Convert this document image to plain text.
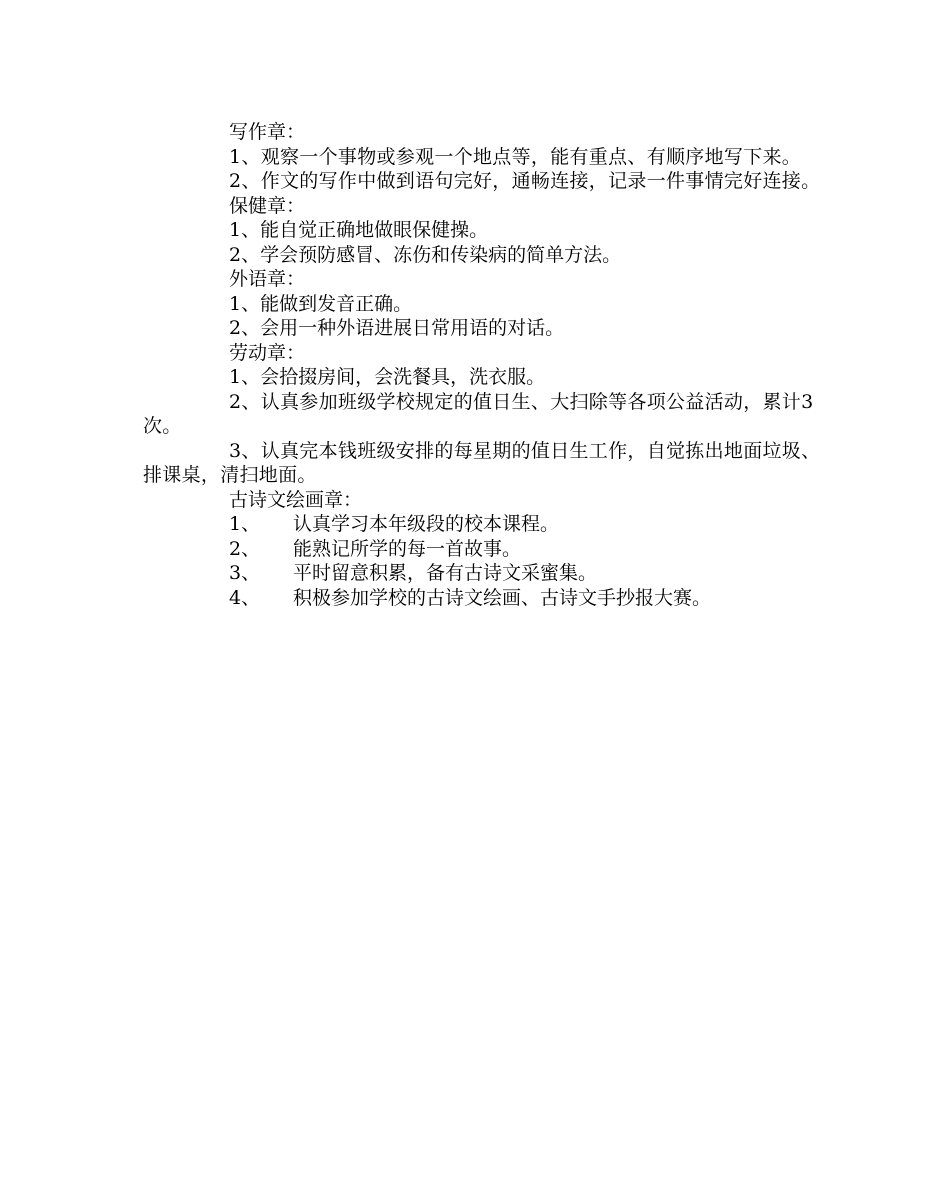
写作章：
1、观察一个事物或参观一个地点等，能有重点、有顺序地写下来。
2、作文的写作中做到语句完好，通畅连接，记录一件事情完好连接。
保健章：
1、能自觉正确地做眼保健操。
2、学会预防感冒、冻伤和传染病的简单方法。
外语章：
1、能做到发音正确。
2、会用一种外语进展日常用语的对话。
劳动章：
1、会拾掇房间，会洗餐具，洗衣服。
2、认真参加班级学校规定的值日生、大扫除等各项公益活动，累计3次。
3、认真完本钱班级安排的每星期的值日生工作，自觉拣出地面垃圾、排课桌，清扫地面。
古诗文绘画章：
1、 认真学习本年级段的校本课程。
2、 能熟记所学的每一首故事。
3、 平时留意积累，备有古诗文采蜜集。
4、 积极参加学校的古诗文绘画、古诗文手抄报大赛。
